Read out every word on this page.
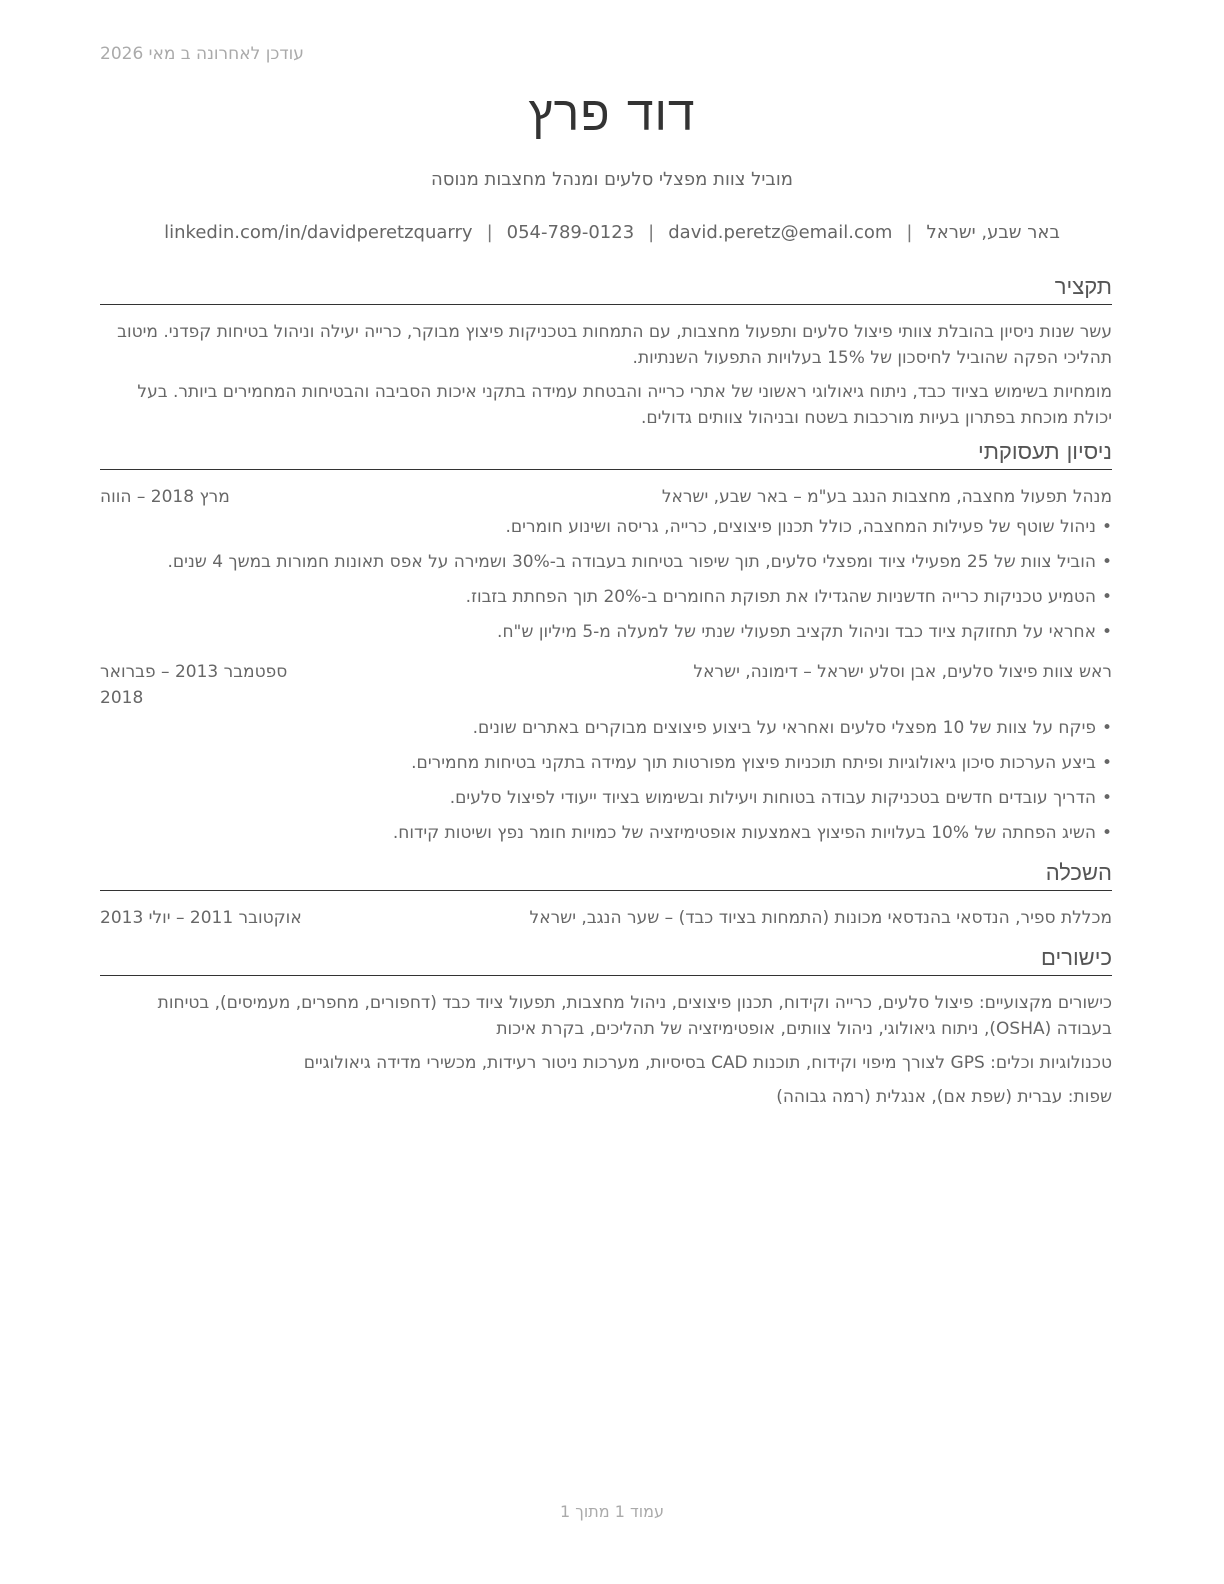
עודכן לאחרונה ב מאי 2026
דוד פרץ
מוביל צוות מפצלי סלעים ומנהל מחצבות מנוסה
באר שבע, ישראל|david.peretz@email.com|054-789-0123|linkedin.com/in/davidperetzquarry
תקציר

עשר שנות ניסיון בהובלת צוותי פיצול סלעים ותפעול מחצבות, עם התמחות בטכניקות פיצוץ מבוקר, כרייה יעילה וניהול בטיחות קפדני. מיטוב תהליכי הפקה שהוביל לחיסכון של 15% בעלויות התפעול השנתיות.

מומחיות בשימוש בציוד כבד, ניתוח גיאולוגי ראשוני של אתרי כרייה והבטחת עמידה בתקני איכות הסביבה והבטיחות המחמירים ביותר. בעל יכולת מוכחת בפתרון בעיות מורכבות בשטח ובניהול צוותים גדולים.

ניסיון תעסוקתי
מנהל תפעול מחצבה, מחצבות הנגב בע"מ – באר שבע, ישראל
מרץ 2018 – הווה
• ניהול שוטף של פעילות המחצבה, כולל תכנון פיצוצים, כרייה, גריסה ושינוע חומרים.
• הוביל צוות של 25 מפעילי ציוד ומפצלי סלעים, תוך שיפור בטיחות בעבודה ב-30% ושמירה על אפס תאונות חמורות במשך 4 שנים.
• הטמיע טכניקות כרייה חדשניות שהגדילו את תפוקת החומרים ב-20% תוך הפחתת בזבוז.
• אחראי על תחזוקת ציוד כבד וניהול תקציב תפעולי שנתי של למעלה מ-5 מיליון ש"ח.
ראש צוות פיצול סלעים, אבן וסלע ישראל – דימונה, ישראל
ספטמבר 2013 – פברואר 2018
• פיקח על צוות של 10 מפצלי סלעים ואחראי על ביצוע פיצוצים מבוקרים באתרים שונים.
• ביצע הערכות סיכון גיאולוגיות ופיתח תוכניות פיצוץ מפורטות תוך עמידה בתקני בטיחות מחמירים.
• הדריך עובדים חדשים בטכניקות עבודה בטוחות ויעילות ובשימוש בציוד ייעודי לפיצול סלעים.
• השיג הפחתה של 10% בעלויות הפיצוץ באמצעות אופטימיזציה של כמויות חומר נפץ ושיטות קידוח.
השכלה
מכללת ספיר, הנדסאי בהנדסאי מכונות (התמחות בציוד כבד) – שער הנגב, ישראל
אוקטובר 2011 – יולי 2013
כישורים

כישורים מקצועיים: פיצול סלעים, כרייה וקידוח, תכנון פיצוצים, ניהול מחצבות, תפעול ציוד כבד (דחפורים, מחפרים, מעמיסים), בטיחות בעבודה (OSHA), ניתוח גיאולוגי, ניהול צוותים, אופטימיזציה של תהליכים, בקרת איכות

טכנולוגיות וכלים: GPS לצורך מיפוי וקידוח, תוכנות CAD בסיסיות, מערכות ניטור רעידות, מכשירי מדידה גיאולוגיים

שפות: עברית (שפת אם), אנגלית (רמה גבוהה)

עמוד 1 מתוך 1
